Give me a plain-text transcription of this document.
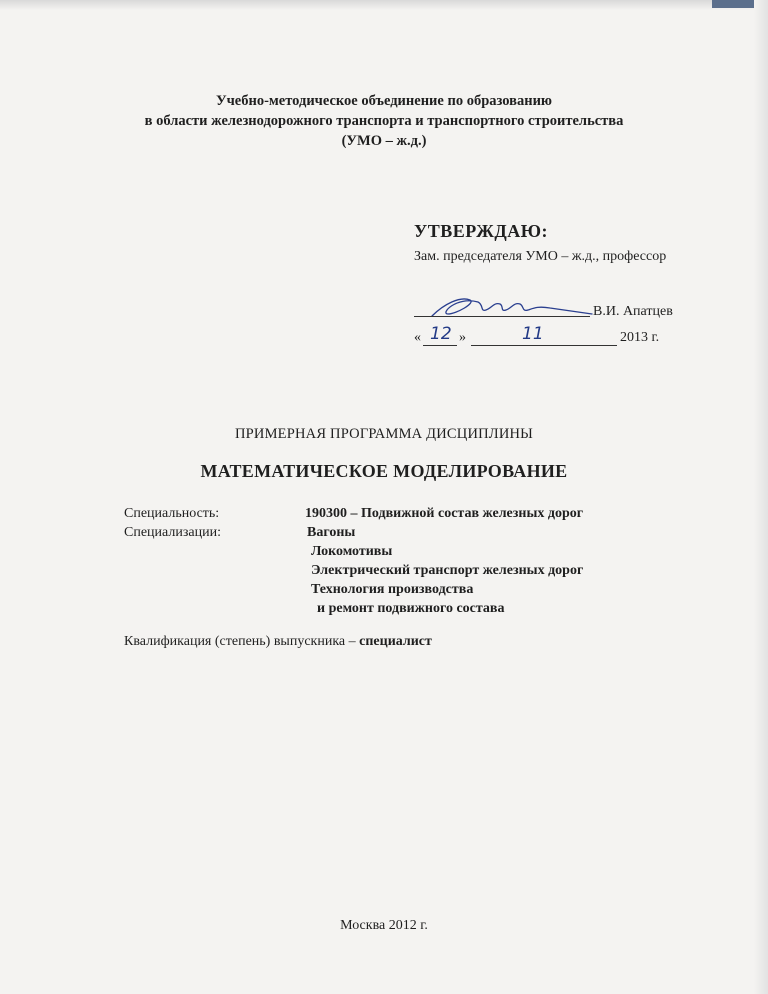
Учебно-методическое объединение по образованию
в области железнодорожного транспорта и транспортного строительства
(УМО – ж.д.)
УТВЕРЖДАЮ:
Зам. председателя УМО – ж.д., профессор
В.И. Апатцев
« 12 »	11	2013 г.
ПРИМЕРНАЯ ПРОГРАММА ДИСЦИПЛИНЫ
МАТЕМАТИЧЕСКОЕ МОДЕЛИРОВАНИЕ
Специальность:	190300 – Подвижной состав железных дорог
Специализации:	Вагоны
Локомотивы
Электрический транспорт железных дорог
Технология производства
и ремонт подвижного состава
Квалификация (степень) выпускника – специалист
Москва 2012 г.
